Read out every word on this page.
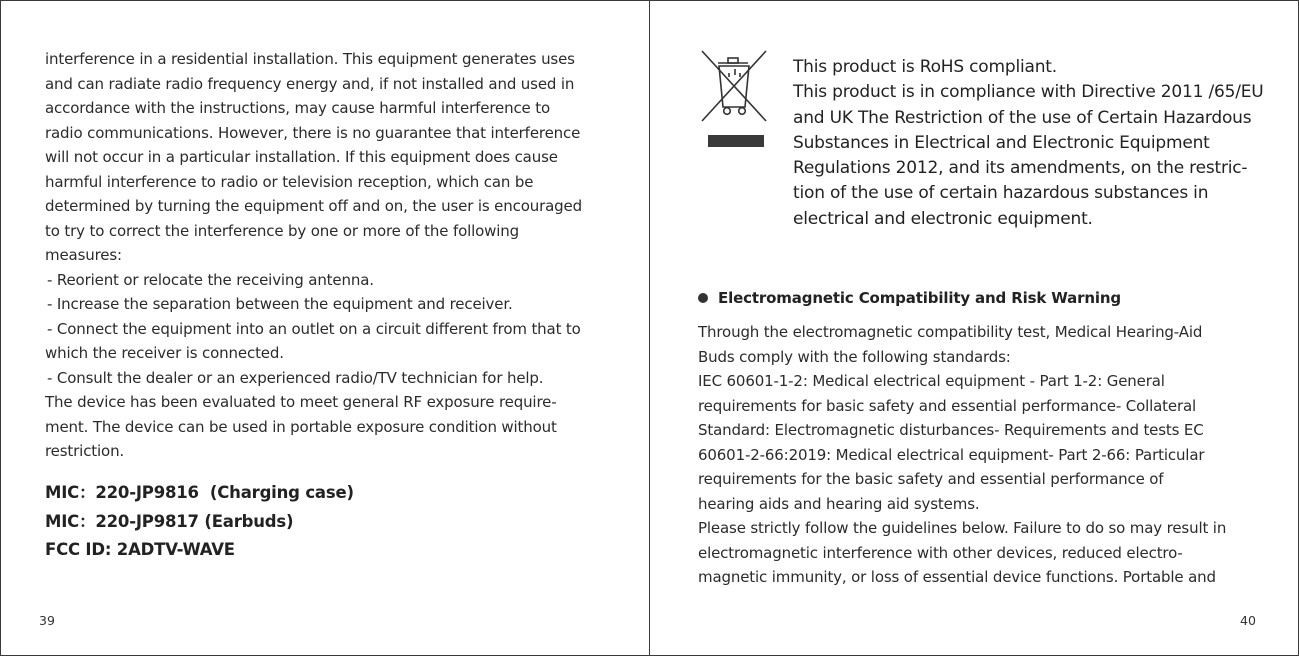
interference in a residential installation. This equipment generates uses
and can radiate radio frequency energy and, if not installed and used in
accordance with the instructions, may cause harmful interference to
radio communications. However, there is no guarantee that interference
will not occur in a particular installation. If this equipment does cause
harmful interference to radio or television reception, which can be
determined by turning the equipment off and on, the user is encouraged
to try to correct the interference by one or more of the following
measures:
- Reorient or relocate the receiving antenna.
- Increase the separation between the equipment and receiver.
- Connect the equipment into an outlet on a circuit different from that to
which the receiver is connected.
- Consult the dealer or an experienced radio/TV technician for help.
The device has been evaluated to meet general RF exposure require-
ment. The device can be used in portable exposure condition without
restriction.
MIC：220-JP9816  (Charging case)
MIC：220-JP9817 (Earbuds)
FCC ID: 2ADTV-WAVE
39
This product is RoHS compliant.
This product is in compliance with Directive 2011 /65/EU
and UK The Restriction of the use of Certain Hazardous
Substances in Electrical and Electronic Equipment
Regulations 2012, and its amendments, on the restric-
tion of the use of certain hazardous substances in
electrical and electronic equipment.
Electromagnetic Compatibility and Risk Warning
Through the electromagnetic compatibility test, Medical Hearing-Aid
Buds comply with the following standards:
IEC 60601-1-2: Medical electrical equipment - Part 1-2: General
requirements for basic safety and essential performance- Collateral
Standard: Electromagnetic disturbances- Requirements and tests EC
60601-2-66:2019: Medical electrical equipment- Part 2-66: Particular
requirements for the basic safety and essential performance of
hearing aids and hearing aid systems.
Please strictly follow the guidelines below. Failure to do so may result in
electromagnetic interference with other devices, reduced electro-
magnetic immunity, or loss of essential device functions. Portable and
40
